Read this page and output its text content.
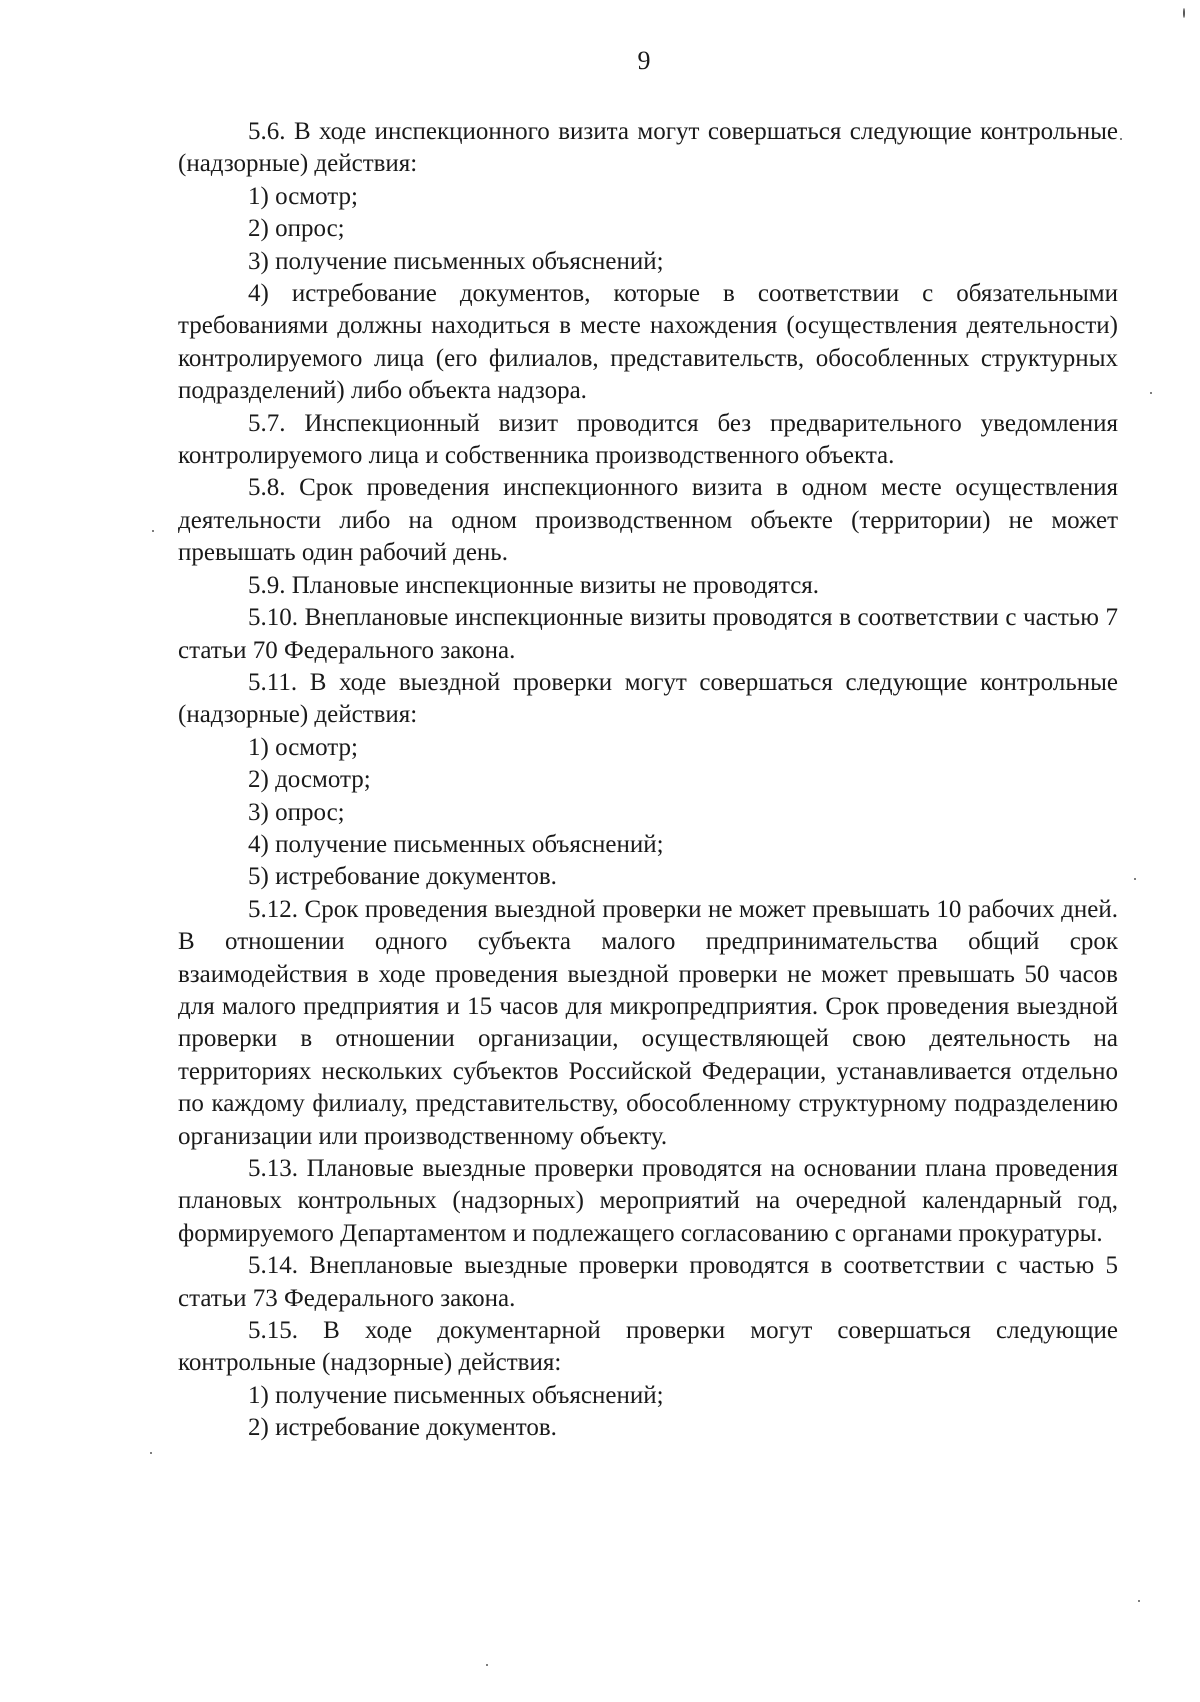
9

5.6. В ходе инспекционного визита могут совершаться следующие контрольные (надзорные) действия:

1) осмотр;

2) опрос;

3) получение письменных объяснений;

4) истребование документов, которые в соответствии с обязательными требованиями должны находиться в месте нахождения (осуществления деятельности) контролируемого лица (его филиалов, представительств, обособленных структурных подразделений) либо объекта надзора.

5.7. Инспекционный визит проводится без предварительного уведомления контролируемого лица и собственника производственного объекта.

5.8. Срок проведения инспекционного визита в одном месте осуществления деятельности либо на одном производственном объекте (территории) не может превышать один рабочий день.

5.9. Плановые инспекционные визиты не проводятся.

5.10. Внеплановые инспекционные визиты проводятся в соответствии с частью 7 статьи 70 Федерального закона.

5.11. В ходе выездной проверки могут совершаться следующие контрольные (надзорные) действия:

1) осмотр;

2) досмотр;

3) опрос;

4) получение письменных объяснений;

5) истребование документов.

5.12. Срок проведения выездной проверки не может превышать 10 рабочих дней. В отношении одного субъекта малого предпринимательства общий срок взаимодействия в ходе проведения выездной проверки не может превышать 50 часов для малого предприятия и 15 часов для микропредприятия. Срок проведения выездной проверки в отношении организации, осуществляющей свою деятельность на территориях нескольких субъектов Российской Федерации, устанавливается отдельно по каждому филиалу, представительству, обособленному структурному подразделению организации или производственному объекту.

5.13. Плановые выездные проверки проводятся на основании плана проведения плановых контрольных (надзорных) мероприятий на очередной календарный год, формируемого Департаментом и подлежащего согласованию с органами прокуратуры.

5.14. Внеплановые выездные проверки проводятся в соответствии с частью 5 статьи 73 Федерального закона.

5.15. В ходе документарной проверки могут совершаться следующие контрольные (надзорные) действия:

1) получение письменных объяснений;

2) истребование документов.
